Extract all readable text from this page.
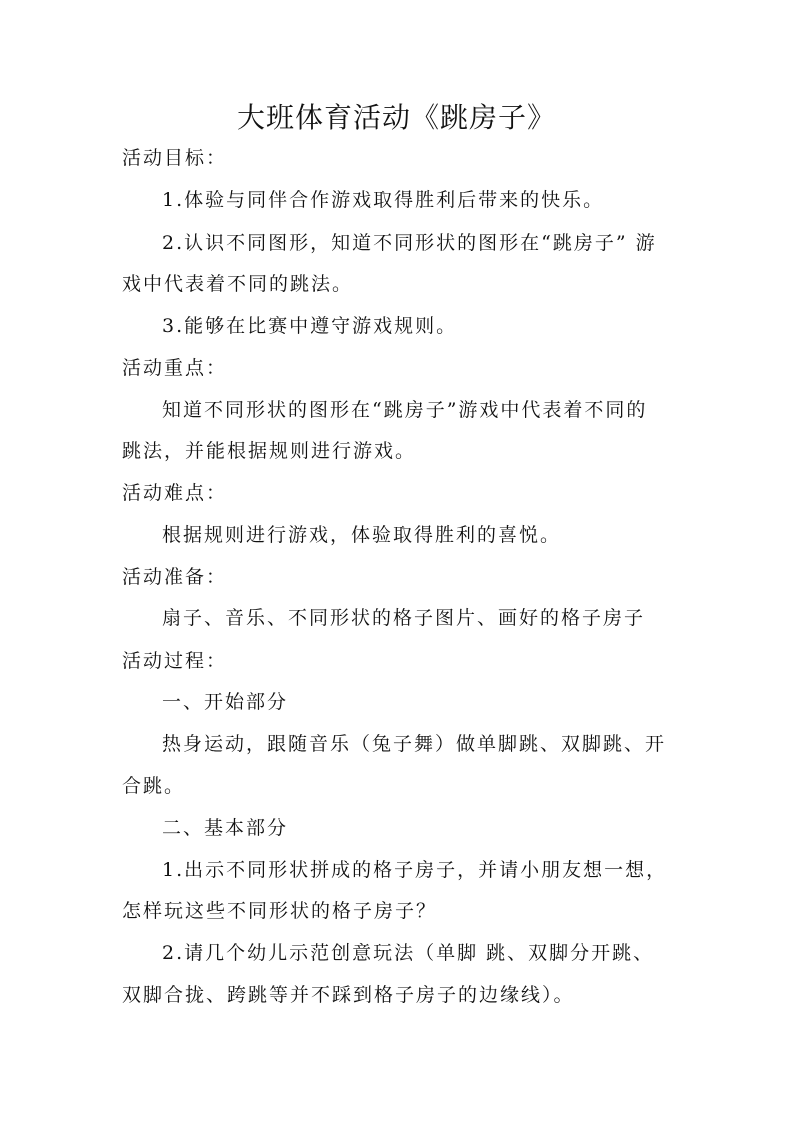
大班体育活动《跳房子》
活动目标：
1.体验与同伴合作游戏取得胜利后带来的快乐。
2.认识不同图形，知道不同形状的图形在“跳房子” 游
戏中代表着不同的跳法。
3.能够在比赛中遵守游戏规则。
活动重点：
知道不同形状的图形在“跳房子”游戏中代表着不同的
跳法，并能根据规则进行游戏。
活动难点：
根据规则进行游戏，体验取得胜利的喜悦。
活动准备：
扇子、音乐、不同形状的格子图片、画好的格子房子
活动过程：
一、开始部分
热身运动，跟随音乐（兔子舞）做单脚跳、双脚跳、开
合跳。
二、基本部分
1.出示不同形状拼成的格子房子，并请小朋友想一想，
怎样玩这些不同形状的格子房子？
2.请几个幼儿示范创意玩法（单脚 跳、双脚分开跳、
双脚合拢、跨跳等并不踩到格子房子的边缘线）。
